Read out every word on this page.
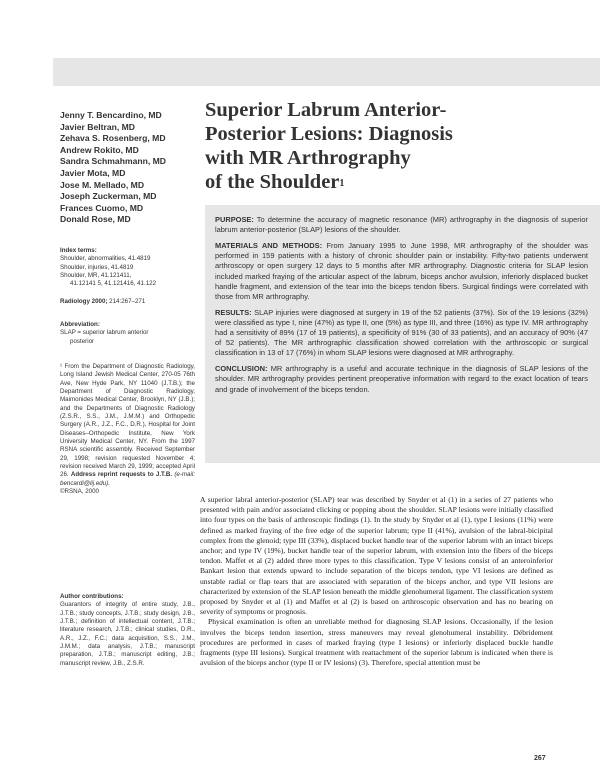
Jenny T. Bencardino, MD
Javier Beltran, MD
Zehava S. Rosenberg, MD
Andrew Rokito, MD
Sandra Schmahmann, MD
Javier Mota, MD
Jose M. Mellado, MD
Joseph Zuckerman, MD
Frances Cuomo, MD
Donald Rose, MD
Index terms:
Shoulder, abnormalities, 41.4819
Shoulder, injuries, 41.4819
Shoulder, MR, 41.121411,
41.12141 5, 41.121416, 41.122
Radiology 2000; 214:267–271
Abbreviation:
SLAP = superior labrum anterior
posterior

¹ From the Department of Diagnostic Radiology, Long Island Jewish Medical Center, 270-05 76th Ave, New Hyde Park, NY 11040 (J.T.B.); the Department of Diagnostic Radiology, Maimonides Medical Center, Brooklyn, NY (J.B.); and the Departments of Diagnostic Radiology (Z.S.R., S.S., J.M., J.M.M.) and Orthopedic Surgery (A.R., J.Z., F.C., D.R.), Hospital for Joint Diseases–Orthopedic Institute, New York University Medical Center, NY. From the 1997 RSNA scientific assembly. Received September 29, 1998; revision requested November 4; revision received March 29, 1999; accepted April 26. Address reprint requests to J.T.B. (e-mail: bencardi@lij.edu).

©RSNA, 2000

Author contributions:

Guarantors of integrity of entire study, J.B., J.T.B.; study concepts, J.T.B.; study design, J.B., J.T.B.; definition of intellectual content, J.T.B.; literature research, J.T.B.; clinical studies, D.R., A.R., J.Z., F.C.; data acquisition, S.S., J.M., J.M.M.; data analysis, J.T.B.; manuscript preparation, J.T.B.; manuscript editing, J.B.; manuscript review, J.B., Z.S.R.

Superior Labrum Anterior-
Posterior Lesions: Diagnosis
with MR Arthrography
of the Shoulder$^1$

PURPOSE: To determine the accuracy of magnetic resonance (MR) arthrography in the diagnosis of superior labrum anterior-posterior (SLAP) lesions of the shoulder.

MATERIALS AND METHODS: From January 1995 to June 1998, MR arthrography of the shoulder was performed in 159 patients with a history of chronic shoulder pain or instability. Fifty-two patients underwent arthroscopy or open surgery 12 days to 5 months after MR arthrography. Diagnostic criteria for SLAP lesion included marked fraying of the articular aspect of the labrum, biceps anchor avulsion, inferiorly displaced bucket handle fragment, and extension of the tear into the biceps tendon fibers. Surgical findings were correlated with those from MR arthrography.

RESULTS: SLAP injuries were diagnosed at surgery in 19 of the 52 patients (37%). Six of the 19 lesions (32%) were classified as type I, nine (47%) as type II, one (5%) as type III, and three (16%) as type IV. MR arthrography had a sensitivity of 89% (17 of 19 patients), a specificity of 91% (30 of 33 patients), and an accuracy of 90% (47 of 52 patients). The MR arthrographic classification showed correlation with the arthroscopic or surgical classification in 13 of 17 (76%) in whom SLAP lesions were diagnosed at MR arthrography.

CONCLUSION: MR arthrography is a useful and accurate technique in the diagnosis of SLAP lesions of the shoulder. MR arthrography provides pertinent preoperative information with regard to the exact location of tears and grade of involvement of the biceps tendon.

A superior labral anterior-posterior (SLAP) tear was described by Snyder et al (1) in a series of 27 patients who presented with pain and/or associated clicking or popping about the shoulder. SLAP lesions were initially classified into four types on the basis of arthroscopic findings (1). In the study by Snyder et al (1), type I lesions (11%) were defined as marked fraying of the free edge of the superior labrum; type II (41%), avulsion of the labral-bicipital complex from the glenoid; type III (33%), displaced bucket handle tear of the superior labrum with an intact biceps anchor; and type IV (19%), bucket handle tear of the superior labrum, with extension into the fibers of the biceps tendon. Maffet et al (2) added three more types to this classification. Type V lesions consist of an anteroinferior Bankart lesion that extends upward to include separation of the biceps tendon, type VI lesions are defined as unstable radial or flap tears that are associated with separation of the biceps anchor, and type VII lesions are characterized by extension of the SLAP lesion beneath the middle glenohumeral ligament. The classification system proposed by Snyder et al (1) and Maffet et al (2) is based on arthroscopic observation and has no bearing on severity of symptoms or prognosis.

Physical examination is often an unreliable method for diagnosing SLAP lesions. Occasionally, if the lesion involves the biceps tendon insertion, stress maneuvers may reveal glenohumeral instability. Débridement procedures are performed in cases of marked fraying (type I lesions) or inferiorly displaced buckle handle fragments (type III lesions). Surgical treatment with reattachment of the superior labrum is indicated when there is avulsion of the biceps anchor (type II or IV lesions) (3). Therefore, special attention must be

267
